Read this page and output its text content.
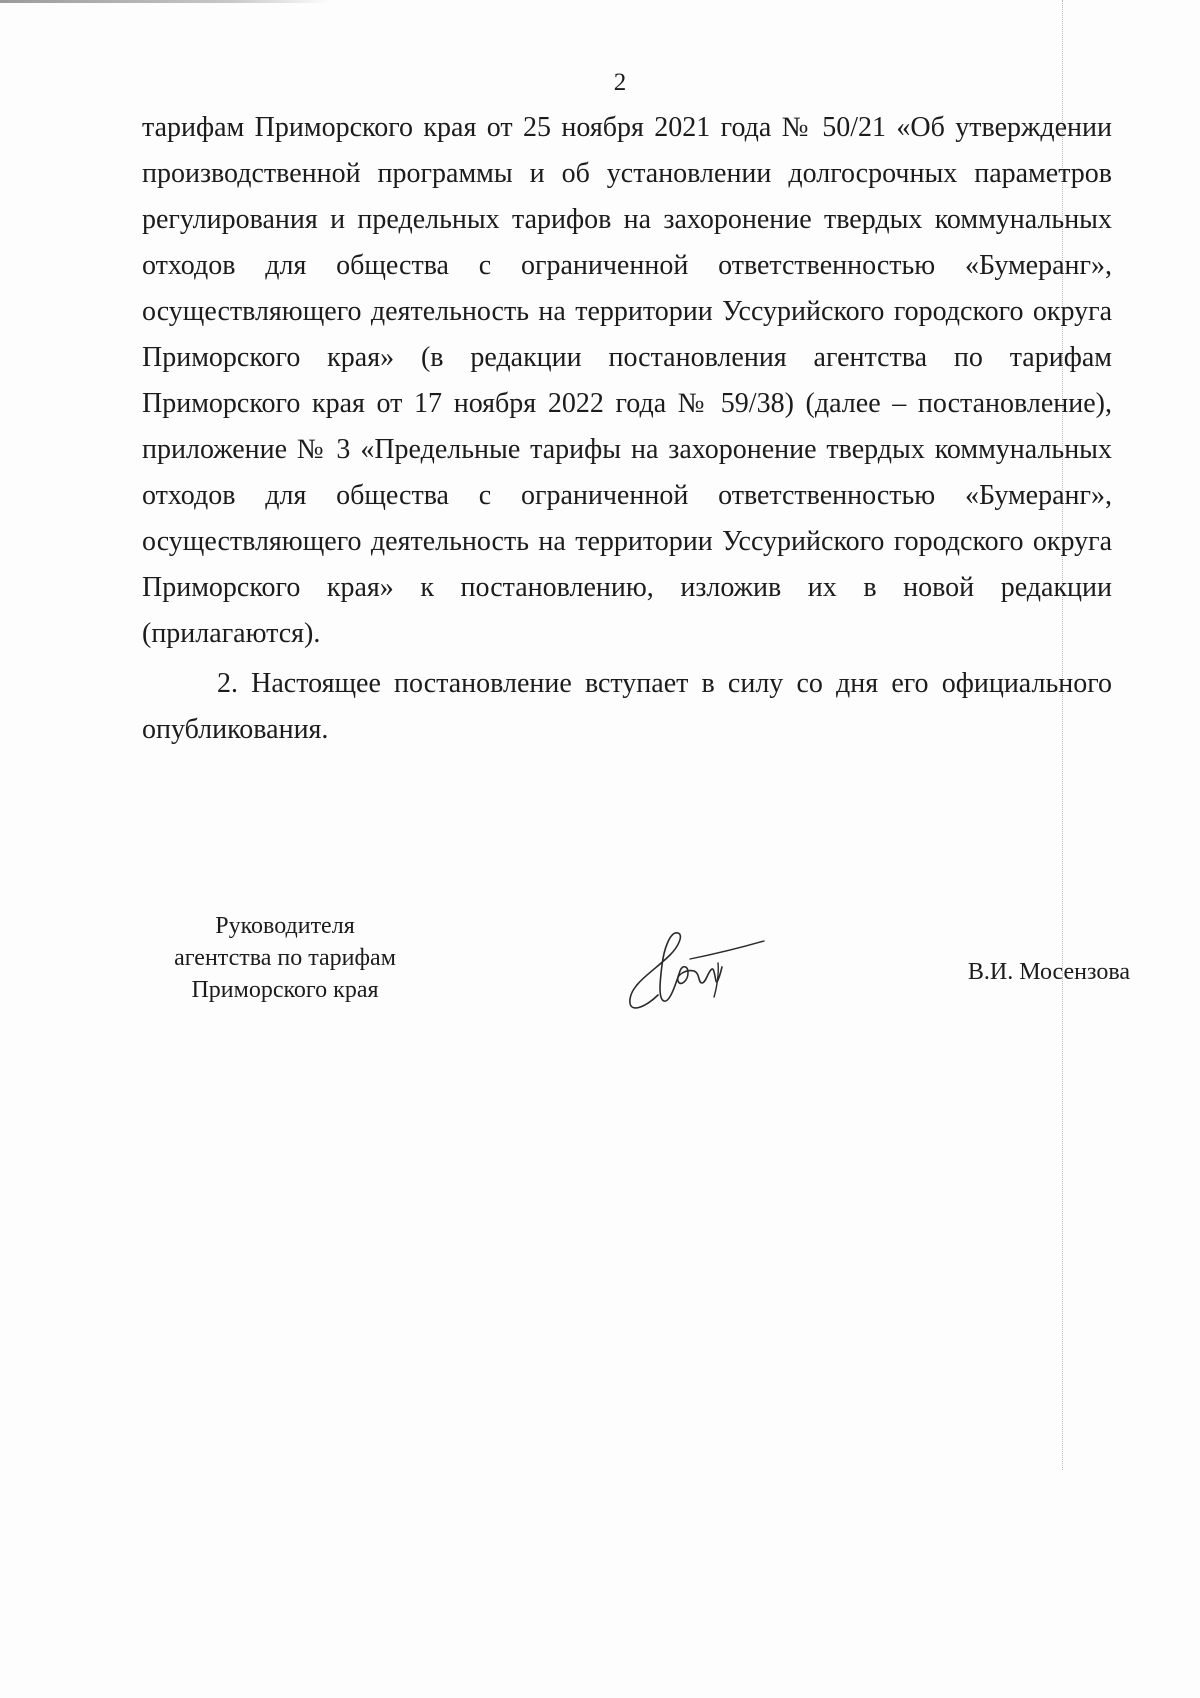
2

тарифам Приморского края от 25 ноября 2021 года № 50/21 «Об утверждении производственной программы и об установлении долгосрочных параметров регулирования и предельных тарифов на захоронение твердых коммунальных отходов для общества с ограниченной ответственностью «Бумеранг», осуществляющего деятельность на территории Уссурийского городского округа Приморского края» (в редакции постановления агентства по тарифам Приморского края от 17 ноября 2022 года № 59/38) (далее – постановление), приложение № 3 «Предельные тарифы на захоронение твердых коммунальных отходов для общества с ограниченной ответственностью «Бумеранг», осуществляющего деятельность на территории Уссурийского городского округа Приморского края» к постановлению, изложив их в новой редакции (прилагаются).

2. Настоящее постановление вступает в силу со дня его официального опубликования.

Руководителя
агентства по тарифам
Приморского края
В.И. Мосензова
